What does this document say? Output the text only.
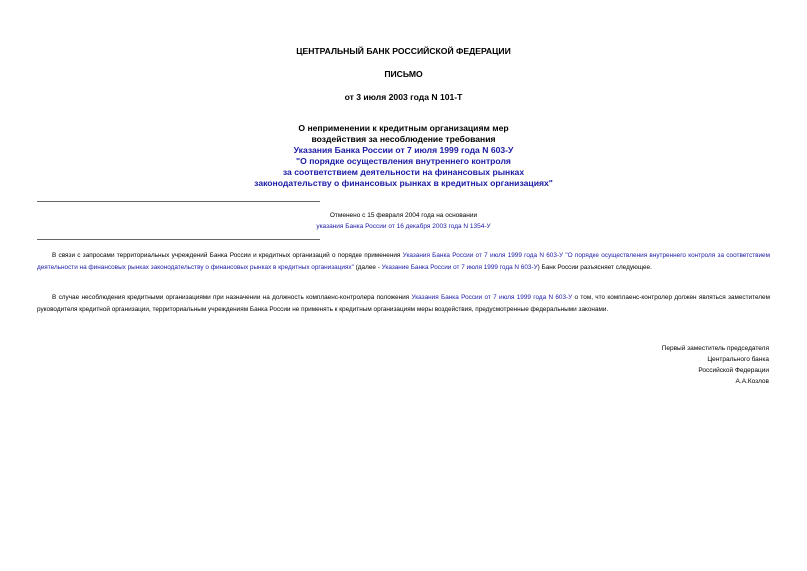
ЦЕНТРАЛЬНЫЙ БАНК РОССИЙСКОЙ ФЕДЕРАЦИИ
ПИСЬМО
от 3 июля 2003 года N 101-Т
О неприменении к кредитным организациям мер
воздействия за несоблюдение требования
Указания Банка России от 7 июля 1999 года N 603-У
"О порядке осуществления внутреннего контроля
за соответствием деятельности на финансовых рынках
законодательству о финансовых рынках в кредитных организациях"
Отменено с 15 февраля 2004 года на основании
указания Банка России от 16 декабря 2003 года N 1354-У
В связи с запросами территориальных учреждений Банка России и кредитных организаций о порядке применения Указания Банка России от 7 июля 1999 года N 603-У "О порядке осуществления внутреннего контроля за соответствием деятельности на финансовых рынках законодательству о финансовых рынках в кредитных организациях" (далее - Указание Банка России от 7 июля 1999 года N 603-У) Банк России разъясняет следующее.
В случае несоблюдения кредитными организациями при назначении на должность комплаенс-контролера положения Указания Банка России от 7 июля 1999 года N 603-У о том, что комплаенс-контролер должен являться заместителем руководителя кредитной организации, территориальным учреждениям Банка России не применять к кредитным организациям меры воздействия, предусмотренные федеральными законами.
Первый заместитель председателя
Центрального банка
Российской Федерации
А.А.Козлов
